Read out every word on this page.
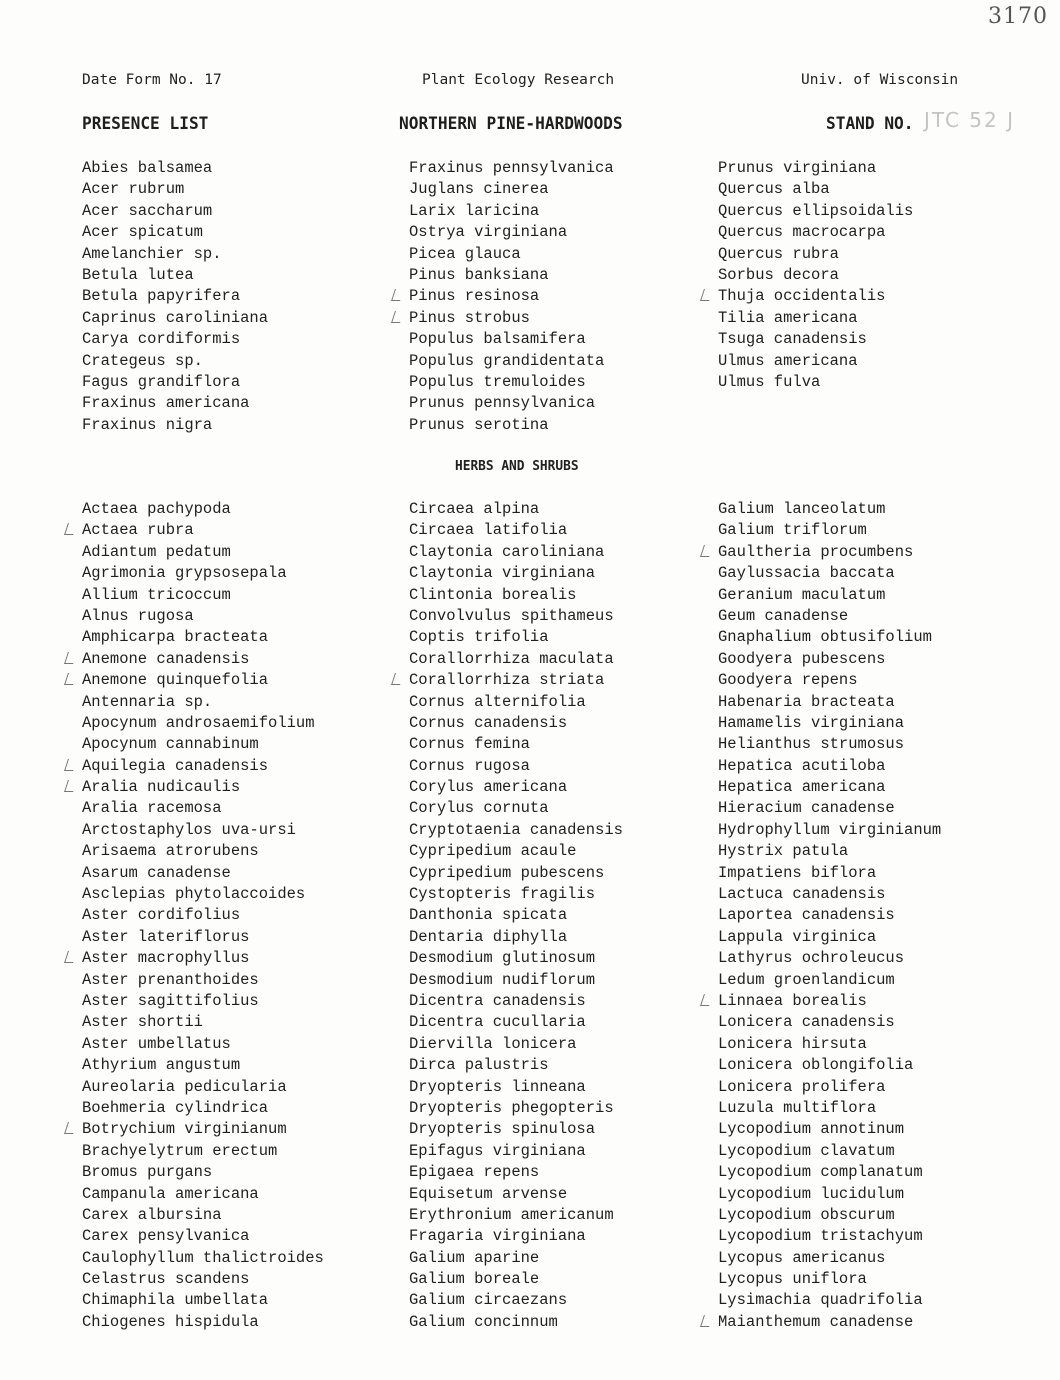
3170
Date Form No. 17	Plant Ecology Research	Univ. of Wisconsin
PRESENCE LIST	NORTHERN PINE-HARDWOODS	STAND NO. JTC 52 J
Abies balsamea
Acer rubrum
Acer saccharum
Acer spicatum
Amelanchier sp.
Betula lutea
Betula papyrifera
Caprinus caroliniana
Carya cordiformis
Crategeus sp.
Fagus grandiflora
Fraxinus americana
Fraxinus nigra
Fraxinus pennsylvanica
Juglans cinerea
Larix laricina
Ostrya virginiana
Picea glauca
Pinus banksiana
Pinus resinosa
Pinus strobus
Populus balsamifera
Populus grandidentata
Populus tremuloides
Prunus pennsylvanica
Prunus serotina
Prunus virginiana
Quercus alba
Quercus ellipsoidalis
Quercus macrocarpa
Quercus rubra
Sorbus decora
Thuja occidentalis
Tilia americana
Tsuga canadensis
Ulmus americana
Ulmus fulva
HERBS AND SHRUBS
Actaea pachypoda
Actaea rubra
Adiantum pedatum
Agrimonia grypsosepala
Allium tricoccum
Alnus rugosa
Amphicarpa bracteata
Anemone canadensis
Anemone quinquefolia
Antennaria sp.
Apocynum androsaemifolium
Apocynum cannabinum
Aquilegia canadensis
Aralia nudicaulis
Aralia racemosa
Arctostaphylos uva-ursi
Arisaema atrorubens
Asarum canadense
Asclepias phytolaccoides
Aster cordifolius
Aster lateriflorus
Aster macrophyllus
Aster prenanthoides
Aster sagittifolius
Aster shortii
Aster umbellatus
Athyrium angustum
Aureolaria pedicularia
Boehmeria cylindrica
Botrychium virginianum
Brachyelytrum erectum
Bromus purgans
Campanula americana
Carex albursina
Carex pensylvanica
Caulophyllum thalictroides
Celastrus scandens
Chimaphila umbellata
Chiogenes hispidula
Circaea alpina
Circaea latifolia
Claytonia caroliniana
Claytonia virginiana
Clintonia borealis
Convolvulus spithameus
Coptis trifolia
Corallorrhiza maculata
Corallorrhiza striata
Cornus alternifolia
Cornus canadensis
Cornus femina
Cornus rugosa
Corylus americana
Corylus cornuta
Cryptotaenia canadensis
Cypripedium acaule
Cypripedium pubescens
Cystopteris fragilis
Danthonia spicata
Dentaria diphylla
Desmodium glutinosum
Desmodium nudiflorum
Dicentra canadensis
Dicentra cucullaria
Diervilla lonicera
Dirca palustris
Dryopteris linneana
Dryopteris phegopteris
Dryopteris spinulosa
Epifagus virginiana
Epigaea repens
Equisetum arvense
Erythronium americanum
Fragaria virginiana
Galium aparine
Galium boreale
Galium circaezans
Galium concinnum
Galium lanceolatum
Galium triflorum
Gaultheria procumbens
Gaylussacia baccata
Geranium maculatum
Geum canadense
Gnaphalium obtusifolium
Goodyera pubescens
Goodyera repens
Habenaria bracteata
Hamamelis virginiana
Helianthus strumosus
Hepatica acutiloba
Hepatica americana
Hieracium canadense
Hydrophyllum virginianum
Hystrix patula
Impatiens biflora
Lactuca canadensis
Laportea canadensis
Lappula virginica
Lathyrus ochroleucus
Ledum groenlandicum
Linnaea borealis
Lonicera canadensis
Lonicera hirsuta
Lonicera oblongifolia
Lonicera prolifera
Luzula multiflora
Lycopodium annotinum
Lycopodium clavatum
Lycopodium complanatum
Lycopodium lucidulum
Lycopodium obscurum
Lycopodium tristachyum
Lycopus americanus
Lycopus uniflora
Lysimachia quadrifolia
Maianthemum canadense
